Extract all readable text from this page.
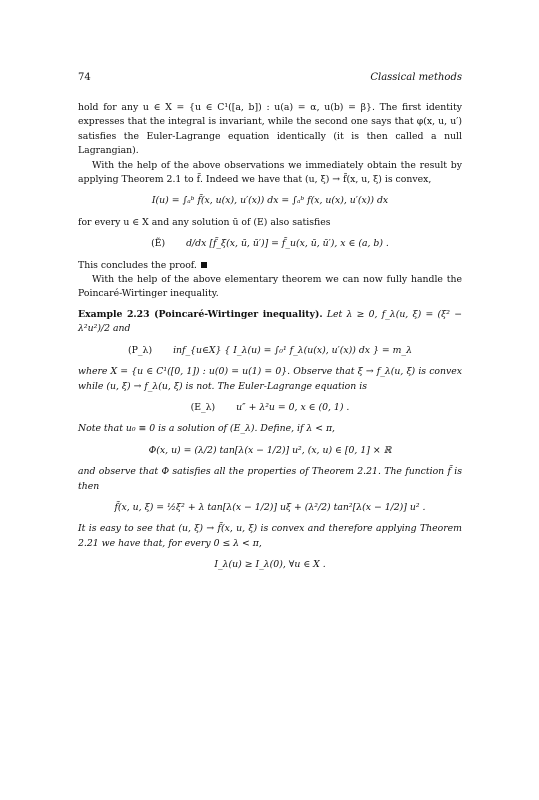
74	Classical methods

hold for any u ∈ X = {u ∈ C¹([a, b]) : u(a) = α, u(b) = β}. The first identity expresses that the integral is invariant, while the second one says that φ(x, u, u′) satisfies the Euler-Lagrange equation identically (it is then called a null Lagrangian).

With the help of the above observations we immediately obtain the result by applying Theorem 2.1 to f̃. Indeed we have that (u, ξ) → f̃(x, u, ξ) is convex,

I(u) = ∫ₐᵇ f̃(x, u(x), u′(x)) dx = ∫ₐᵇ f(x, u(x), u′(x)) dx

for every u ∈ X and any solution ū of (E) also satisfies

(Ẽ) d/dx [f̃_ξ(x, ū, ū′)] = f̃_u(x, ū, ū′), x ∈ (a, b) .

This concludes the proof.

With the help of the above elementary theorem we can now fully handle the Poincaré-Wirtinger inequality.

Example 2.23 (Poincaré-Wirtinger inequality). Let λ ≥ 0, f_λ(u, ξ) = (ξ² − λ²u²)/2 and

(P_λ) inf_{u∈X} { I_λ(u) = ∫₀¹ f_λ(u(x), u′(x)) dx } = m_λ

where X = {u ∈ C¹([0, 1]) : u(0) = u(1) = 0}. Observe that ξ → f_λ(u, ξ) is convex while (u, ξ) → f_λ(u, ξ) is not. The Euler-Lagrange equation is

(E_λ) u″ + λ²u = 0, x ∈ (0, 1) .

Note that u₀ ≡ 0 is a solution of (E_λ). Define, if λ < π,

Φ(x, u) = (λ/2) tan[λ(x − 1/2)] u², (x, u) ∈ [0, 1] × ℝ

and observe that Φ satisfies all the properties of Theorem 2.21. The function f̃ is then

f̃(x, u, ξ) = ½ξ² + λ tan[λ(x − 1/2)] uξ + (λ²/2) tan²[λ(x − 1/2)] u² .

It is easy to see that (u, ξ) → f̃(x, u, ξ) is convex and therefore applying Theorem 2.21 we have that, for every 0 ≤ λ < π,

I_λ(u) ≥ I_λ(0), ∀u ∈ X .
